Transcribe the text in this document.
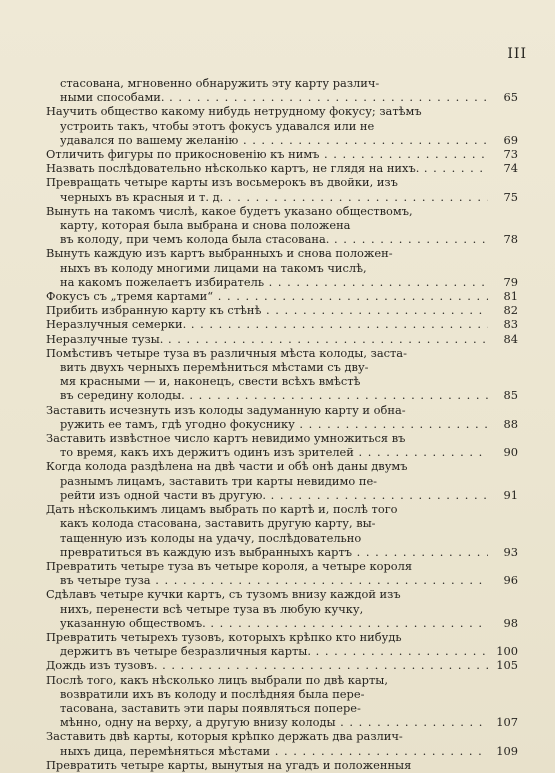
III
стасована, мгновенно обнаружить эту карту различ-
ными способами. . . .	65
Научить общество какому нибудь нетрудному фокусу; затѣмъ
устроить такъ, чтобы этотъ фокусъ удавался или не
удавался по вашему желанію . . .	69
Отличить фигуры по прикосновенію къ нимъ . . .	73
Назвать послѣдовательно нѣсколько картъ, не глядя на нихъ. . . .	74
Превращать четыре карты изъ восьмерокъ въ двойки, изъ
черныхъ въ красныя и т. д. . . .	75
Вынуть на такомъ числѣ, какое будетъ указано обществомъ,
карту, которая была выбрана и снова положена
въ колоду, при чемъ колода была стасована. . . .	78
Вынуть каждую изъ картъ выбранныхъ и снова положен-
ныхъ въ колоду многими лицами на такомъ числѣ,
на какомъ пожелаетъ избиратель . . .	79
Фокусъ съ „тремя картами“ . . .	81
Прибить избранную карту къ стѣнѣ . . .	82
Неразлучныя семерки. . . .	83
Неразлучные тузы. . . .	84
Помѣстивъ четыре туза въ различныя мѣста колоды, заста-
вить двухъ черныхъ перемѣниться мѣстами съ дву-
мя красными — и, наконецъ, свести всѣхъ вмѣстѣ
въ середину колоды. . . .	85
Заставить исчезнуть изъ колоды задуманную карту и обна-
ружить ее тамъ, гдѣ угодно фокуснику . . .	88
Заставить извѣстное число картъ невидимо умножиться въ
то время, какъ ихъ держитъ одинъ изъ зрителей . . .	90
Когда колода раздѣлена на двѣ части и обѣ онѣ даны двумъ
разнымъ лицамъ, заставить три карты невидимо пе-
рейти изъ одной части въ другую. . . .	91
Дать нѣсколькимъ лицамъ выбрать по картѣ и, послѣ того
какъ колода стасована, заставить другую карту, вы-
тащенную изъ колоды на удачу, послѣдовательно
превратиться въ каждую изъ выбранныхъ картъ . . .	93
Превратить четыре туза въ четыре короля, а четыре короля
въ четыре туза . . .	96
Сдѣлавъ четыре кучки картъ, съ тузомъ внизу каждой изъ
нихъ, перенести всѣ четыре туза въ любую кучку,
указанную обществомъ. . . .	98
Превратить четырехъ тузовъ, которыхъ крѣпко кто нибудь
держитъ въ четыре безразличныя карты. . . .	100
Дождь изъ тузовъ. . . .	105
Послѣ того, какъ нѣсколько лицъ выбрали по двѣ карты,
возвратили ихъ въ колоду и послѣдняя была пере-
тасована, заставить эти пары появляться попере-
мѣнно, одну на верху, а другую внизу колоды . . .	107
Заставить двѣ карты, которыя крѣпко держать два различ-
ныхъ дица, перемѣняться мѣстами . . .	109
Превратить четыре карты, вынутыя на угадъ и положенныя
